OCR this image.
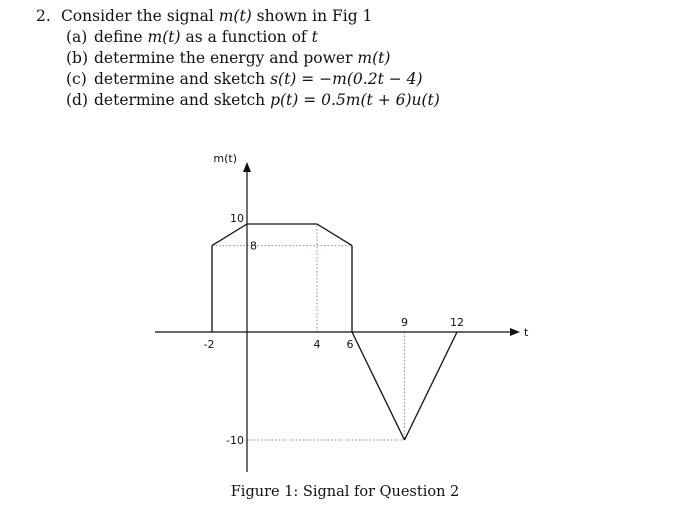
2. Consider the signal m(t) shown in Fig 1
(a) define m(t) as a function of t
(b) determine the energy and power m(t)
(c) determine and sketch s(t) = −m(0.2t − 4)
(d) determine and sketch p(t) = 0.5m(t + 6)u(t)
m(t)
t
-2	4 6
9	12
10
8
-10
Figure 1: Signal for Question 2
